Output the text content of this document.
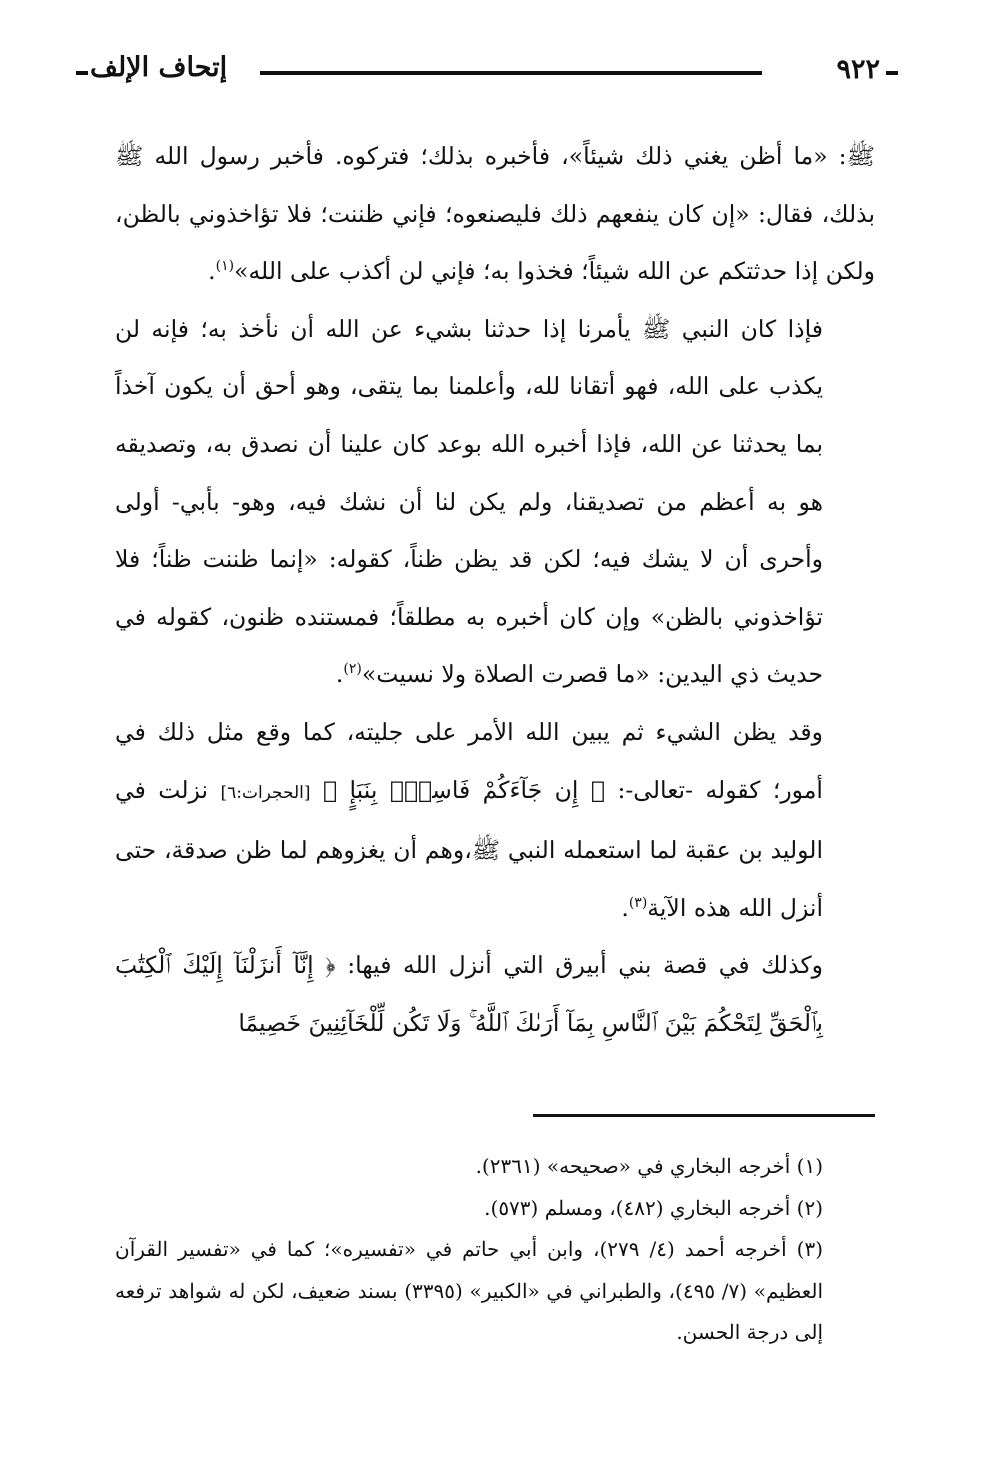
٩٢٢
إتحاف الإلف

ﷺ: «ما أظن يغني ذلك شيئاً»، فأخبره بذلك؛ فتركوه. فأخبر رسول الله ﷺ بذلك، فقال: «إن كان ينفعهم ذلك فليصنعوه؛ فإني ظننت؛ فلا تؤاخذوني بالظن، ولكن إذا حدثتكم عن الله شيئاً؛ فخذوا به؛ فإني لن أكذب على الله»$^{(١)}$.

فإذا كان النبي ﷺ يأمرنا إذا حدثنا بشيء عن الله أن نأخذ به؛ فإنه لن يكذب على الله، فهو أتقانا لله، وأعلمنا بما يتقى، وهو أحق أن يكون آخذاً بما يحدثنا عن الله، فإذا أخبره الله بوعد كان علينا أن نصدق به، وتصديقه هو به أعظم من تصديقنا، ولم يكن لنا أن نشك فيه، وهو- بأبي- أولى وأحرى أن لا يشك فيه؛ لكن قد يظن ظناً، كقوله: «إنما ظننت ظناً؛ فلا تؤاخذوني بالظن» وإن كان أخبره به مطلقاً؛ فمستنده ظنون، كقوله في حديث ذي اليدين: «ما قصرت الصلاة ولا نسيت»$^{(٢)}$.

وقد يظن الشيء ثم يبين الله الأمر على جليته، كما وقع مثل ذلك في أمور؛ كقوله -تعالى-: ﴿ إِن جَآءَكُمْ فَاسِقٌۢ بِنَبَإٍ ﴾ [الحجرات:٦] نزلت في الوليد بن عقبة لما استعمله النبي ﷺ،وهم أن يغزوهم لما ظن صدقة، حتى أنزل الله هذه الآية$^{(٣)}$.

وكذلك في قصة بني أبيرق التي أنزل الله فيها: ﴿ إِنَّآ أَنزَلْنَآ إِلَيْكَ ٱلْكِتَٰبَ بِٱلْحَقِّ لِتَحْكُمَ بَيْنَ ٱلنَّاسِ بِمَآ أَرَىٰكَ ٱللَّهُ ۚ وَلَا تَكُن لِّلْخَآئِنِينَ خَصِيمًا

(١) أخرجه البخاري في «صحيحه» (٢٣٦١).

(٢) أخرجه البخاري (٤٨٢)، ومسلم (٥٧٣).

(٣) أخرجه أحمد (٤/ ٢٧٩)، وابن أبي حاتم في «تفسيره»؛ كما في «تفسير القرآن العظيم» (٧/ ٤٩٥)، والطبراني في «الكبير» (٣٣٩٥) بسند ضعيف، لكن له شواهد ترفعه إلى درجة الحسن.
